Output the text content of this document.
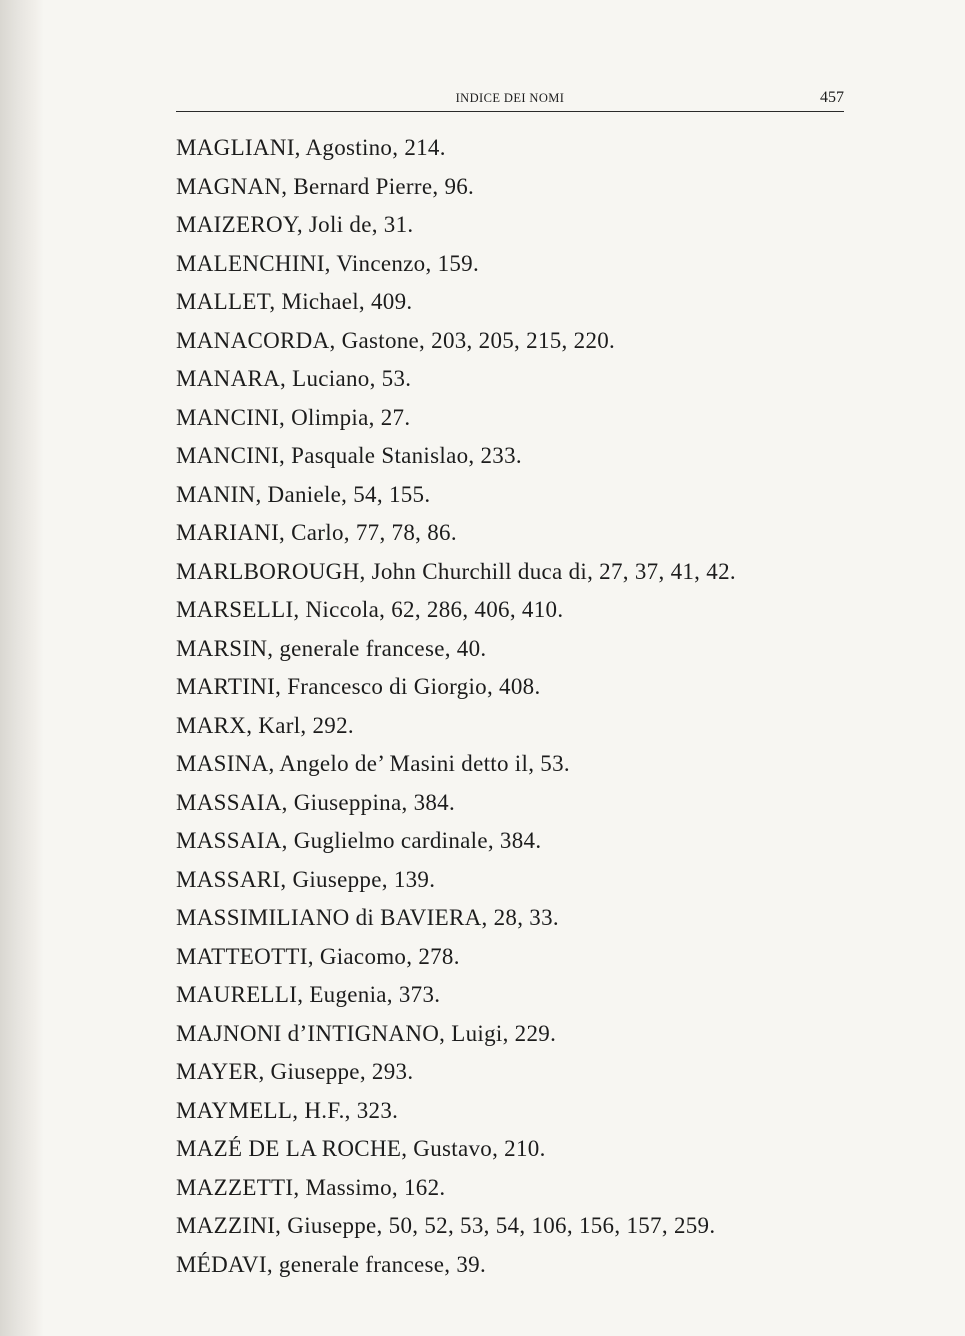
INDICE DEI NOMI	457
MAGLIANI, Agostino, 214.
MAGNAN, Bernard Pierre, 96.
MAIZEROY, Joli de, 31.
MALENCHINI, Vincenzo, 159.
MALLET, Michael, 409.
MANACORDA, Gastone, 203, 205, 215, 220.
MANARA, Luciano, 53.
MANCINI, Olimpia, 27.
MANCINI, Pasquale Stanislao, 233.
MANIN, Daniele, 54, 155.
MARIANI, Carlo, 77, 78, 86.
MARLBOROUGH, John Churchill duca di, 27, 37, 41, 42.
MARSELLI, Niccola, 62, 286, 406, 410.
MARSIN, generale francese, 40.
MARTINI, Francesco di Giorgio, 408.
MARX, Karl, 292.
MASINA, Angelo de’ Masini detto il, 53.
MASSAIA, Giuseppina, 384.
MASSAIA, Guglielmo cardinale, 384.
MASSARI, Giuseppe, 139.
MASSIMILIANO di BAVIERA, 28, 33.
MATTEOTTI, Giacomo, 278.
MAURELLI, Eugenia, 373.
MAJNONI d’INTIGNANO, Luigi, 229.
MAYER, Giuseppe, 293.
MAYMELL, H.F., 323.
MAZÉ DE LA ROCHE, Gustavo, 210.
MAZZETTI, Massimo, 162.
MAZZINI, Giuseppe, 50, 52, 53, 54, 106, 156, 157, 259.
MÉDAVI, generale francese, 39.
